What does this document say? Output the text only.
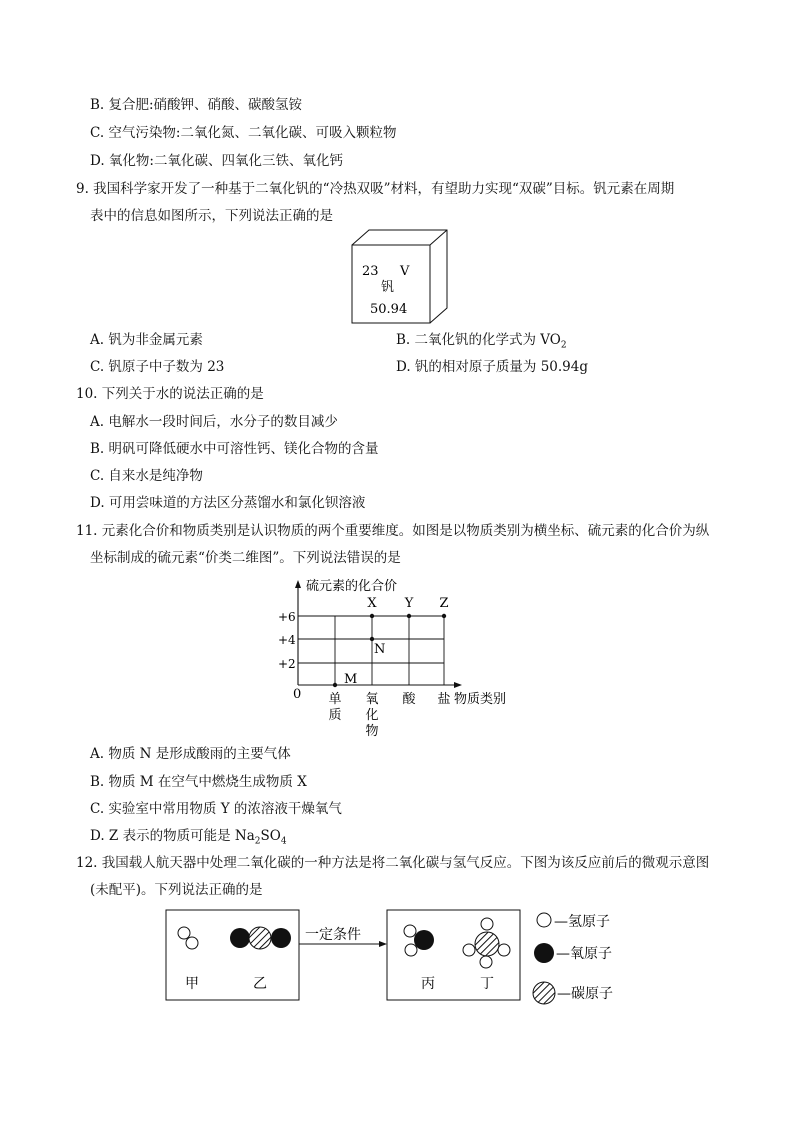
B. 复合肥:硝酸钾、硝酸、碳酸氢铵
C. 空气污染物:二氧化氮、二氧化碳、可吸入颗粒物
D. 氧化物:二氧化碳、四氧化三铁、氧化钙
9. 我国科学家开发了一种基于二氧化钒的“冷热双吸”材料，有望助力实现“双碳”目标。钒元素在周期
表中的信息如图所示，下列说法正确的是
23 V
钒
50.94
A. 钒为非金属元素	B. 二氧化钒的化学式为 $VO_2$
C. 钒原子中子数为 23	D. 钒的相对原子质量为 50.94g
10. 下列关于水的说法正确的是
A. 电解水一段时间后，水分子的数目减少
B. 明矾可降低硬水中可溶性钙、镁化合物的含量
C. 自来水是纯净物
D. 可用尝味道的方法区分蒸馏水和氯化钡溶液
11. 元素化合价和物质类别是认识物质的两个重要维度。如图是以物质类别为横坐标、硫元素的化合价为纵
坐标制成的硫元素“价类二维图”。下列说法错误的是
硫元素的化合价
物质类别
0
+6
+4
+2
单质
氧化物
酸 盐
M
N
X Y Z
A. 物质 N 是形成酸雨的主要气体
B. 物质 M 在空气中燃烧生成物质 X
C. 实验室中常用物质 Y 的浓溶液干燥氧气
D. Z 表示的物质可能是 $Na_2SO_4$
12. 我国载人航天器中处理二氧化碳的一种方法是将二氧化碳与氢气反应。下图为该反应前后的微观示意图
(未配平)。下列说法正确的是
甲	乙
一定条件
丙	丁
—氢原子
—氧原子
—碳原子
